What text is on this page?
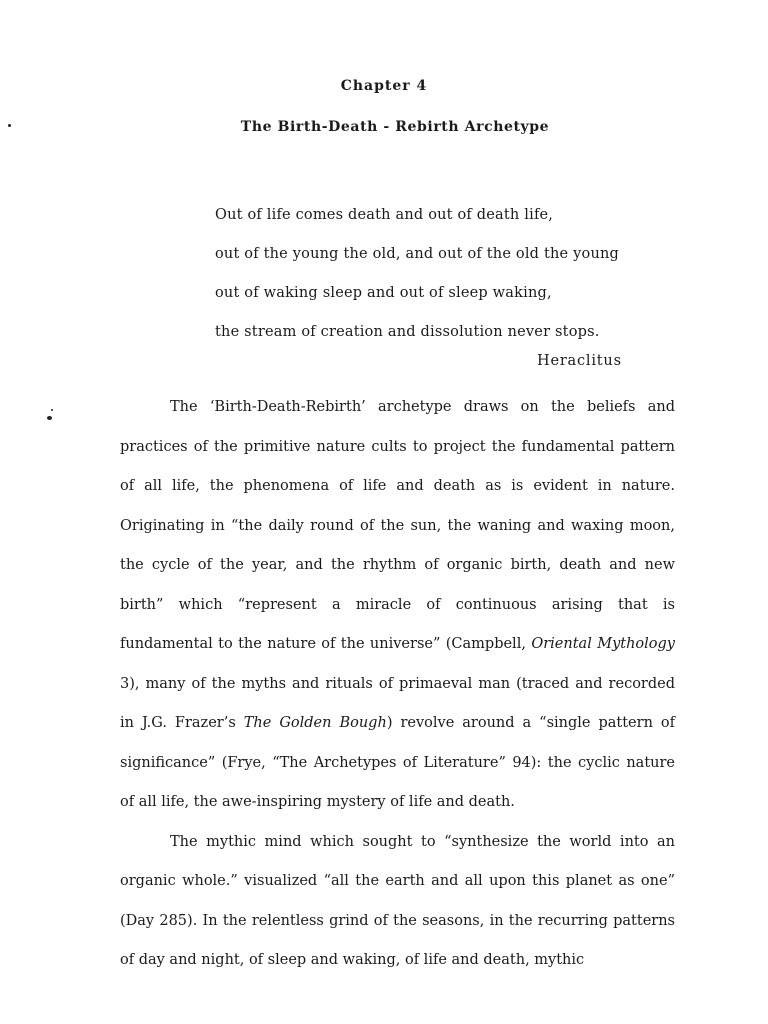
Chapter 4
The Birth-Death - Rebirth Archetype
Out of life comes death and out of death life,
out of the young the old, and out of the old the young
out of waking sleep and out of sleep waking,
the stream of creation and dissolution never stops.
Heraclitus

The ‘Birth-Death-Rebirth’ archetype draws on the beliefs and practices of the primitive nature cults to project the fundamental pattern of all life, the phenomena of life and death as is evident in nature. Originating in “the daily round of the sun, the waning and waxing moon, the cycle of the year, and the rhythm of organic birth, death and new birth” which “represent a miracle of continuous arising that is fundamental to the nature of the universe” (Campbell, Oriental Mythology 3), many of the myths and rituals of primaeval man (traced and recorded in J.G. Frazer’s The Golden Bough) revolve around a “single pattern of significance” (Frye, “The Archetypes of Literature” 94): the cyclic nature of all life, the awe-inspiring mystery of life and death.

The mythic mind which sought to “synthesize the world into an organic whole.” visualized “all the earth and all upon this planet as one” (Day 285). In the relentless grind of the seasons, in the recurring patterns of day and night, of sleep and waking, of life and death, mythic
